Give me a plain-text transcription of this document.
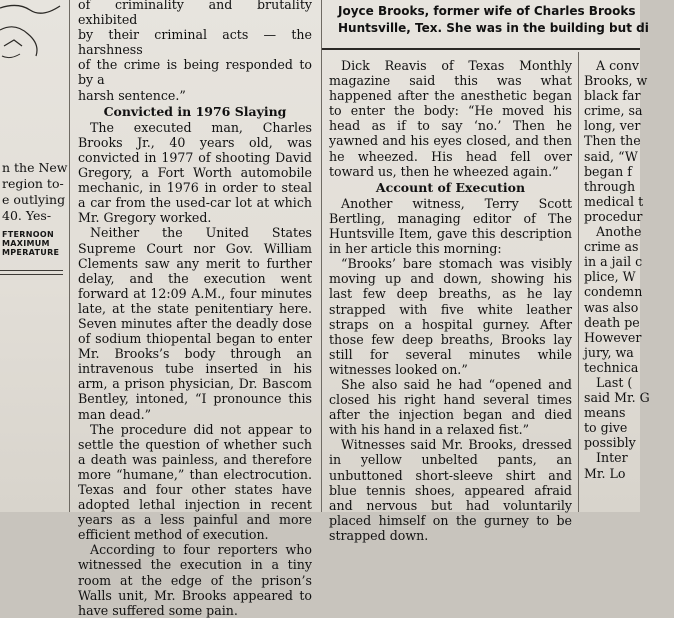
FTERNOON
MAXIMUM
MPERATURE
n the New
region to-
e outlying
40. Yes-

of criminality and brutality exhibited

by their criminal acts — the harshness

of the crime is being responded to by a

harsh sentence.”

Convicted in 1976 Slaying

The executed man, Charles Brooks Jr., 40 years old, was convicted in 1977 of shooting David Gregory, a Fort Worth automobile mechanic, in 1976 in order to steal a car from the used-car lot at which Mr. Gregory worked.

Neither the United States Supreme Court nor Gov. William Clements saw any merit to further delay, and the execution went forward at 12:09 A.M., four minutes late, at the state penitentiary here. Seven minutes after the deadly dose of sodium thiopental began to enter Mr. Brooks’s body through an intravenous tube inserted in his arm, a prison physician, Dr. Bascom Bentley, intoned, “I pronounce this man dead.”

The procedure did not appear to settle the question of whether such a death was painless, and therefore more “humane,” than electrocution. Texas and four other states have adopted lethal injection in recent years as a less painful and more efficient method of execution.

According to four reporters who witnessed the execution in a tiny room at the edge of the prison’s Walls unit, Mr. Brooks appeared to have suffered some pain.

Joyce Brooks, former wife of Charles Brooks
Huntsville, Tex. She was in the building but di

Dick Reavis of Texas Monthly magazine said this was what happened after the anesthetic began to enter the body: “He moved his head as if to say ‘no.’ Then he yawned and his eyes closed, and then he wheezed. His head fell over toward us, then he wheezed again.”

Account of Execution

Another witness, Terry Scott Bertling, managing editor of The Huntsville Item, gave this description in her article this morning:

“Brooks’ bare stomach was visibly moving up and down, showing his last few deep breaths, as he lay strapped with five white leather straps on a hospital gurney. After those few deep breaths, Brooks lay still for several minutes while witnesses looked on.”

She also said he had “opened and closed his right hand several times after the injection began and died with his hand in a relaxed fist.”

Witnesses said Mr. Brooks, dressed in yellow unbelted pants, an unbuttoned short-sleeve shirt and blue tennis shoes, appeared afraid and nervous but had voluntarily placed himself on the gurney to be strapped down.

A conv

Brooks, w

black far

crime, sa

long, ver

Then the

said, “W

began f

through

medical t

procedur

Anothe

crime as

in a jail c

plice, W

condemn

was also

death pe

However

jury, wa

technica

Last (

said Mr. G

means

to give

possibly

Inter

Mr. Lo
